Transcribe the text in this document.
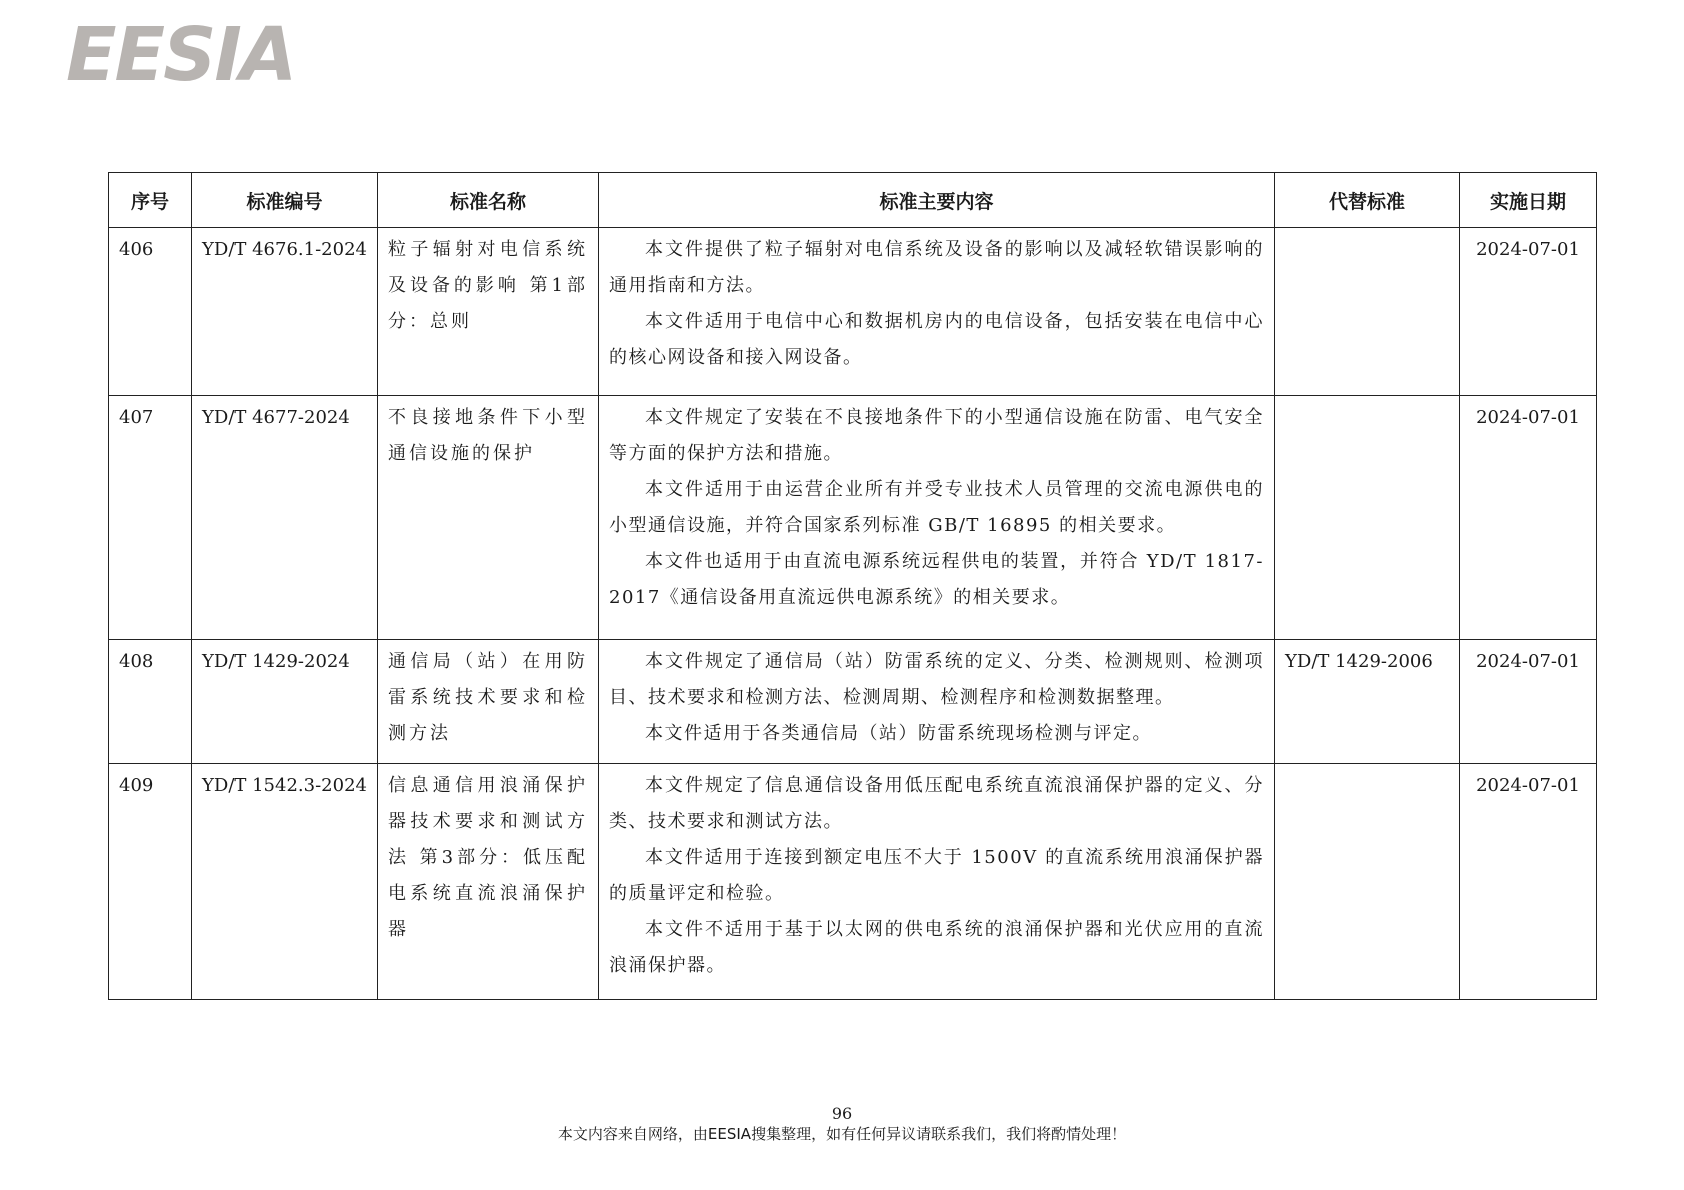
EESIA
序号	标准编号	标准名称	标准主要内容	代替标准	实施日期
406	YD/T 4676.1-2024	粒子辐射对电信系统及设备的影响 第1部分：总则	本文件提供了粒子辐射对电信系统及设备的影响以及减轻软错误影响的通用指南和方法。

本文件适用于电信中心和数据机房内的电信设备，包括安装在电信中心的核心网设备和接入网设备。		2024-07-01
407	YD/T 4677-2024	不良接地条件下小型通信设施的保护	本文件规定了安装在不良接地条件下的小型通信设施在防雷、电气安全等方面的保护方法和措施。

本文件适用于由运营企业所有并受专业技术人员管理的交流电源供电的小型通信设施，并符合国家系列标准 GB/T 16895 的相关要求。

本文件也适用于由直流电源系统远程供电的装置，并符合 YD/T 1817-2017《通信设备用直流远供电源系统》的相关要求。		2024-07-01
408	YD/T 1429-2024	通信局（站）在用防雷系统技术要求和检测方法	本文件规定了通信局（站）防雷系统的定义、分类、检测规则、检测项目、技术要求和检测方法、检测周期、检测程序和检测数据整理。

本文件适用于各类通信局（站）防雷系统现场检测与评定。	YD/T 1429-2006	2024-07-01
409	YD/T 1542.3-2024	信息通信用浪涌保护器技术要求和测试方法 第3部分：低压配电系统直流浪涌保护器	本文件规定了信息通信设备用低压配电系统直流浪涌保护器的定义、分类、技术要求和测试方法。

本文件适用于连接到额定电压不大于 1500V 的直流系统用浪涌保护器的质量评定和检验。

本文件不适用于基于以太网的供电系统的浪涌保护器和光伏应用的直流浪涌保护器。		2024-07-01
96
本文内容来自网络，由EESIA搜集整理，如有任何异议请联系我们，我们将酌情处理！
